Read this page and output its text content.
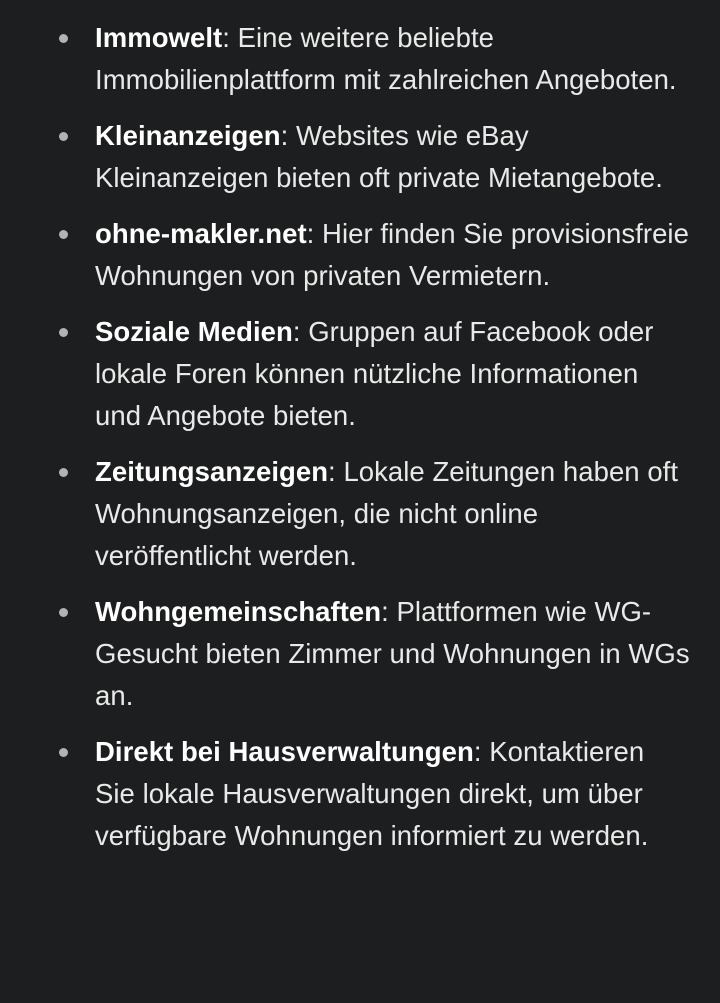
Immowelt: Eine weitere beliebte Immobilienplattform mit zahlreichen Angeboten.
Kleinanzeigen: Websites wie eBay Kleinanzeigen bieten oft private Mietangebote.
ohne-makler.net: Hier finden Sie provisionsfreie Wohnungen von privaten Vermietern.
Soziale Medien: Gruppen auf Facebook oder lokale Foren können nützliche Informationen und Angebote bieten.
Zeitungsanzeigen: Lokale Zeitungen haben oft Wohnungsanzeigen, die nicht online veröffentlicht werden.
Wohngemeinschaften: Plattformen wie WG-Gesucht bieten Zimmer und Wohnungen in WGs an.
Direkt bei Hausverwaltungen: Kontaktieren Sie lokale Hausverwaltungen direkt, um über verfügbare Wohnungen informiert zu werden.
